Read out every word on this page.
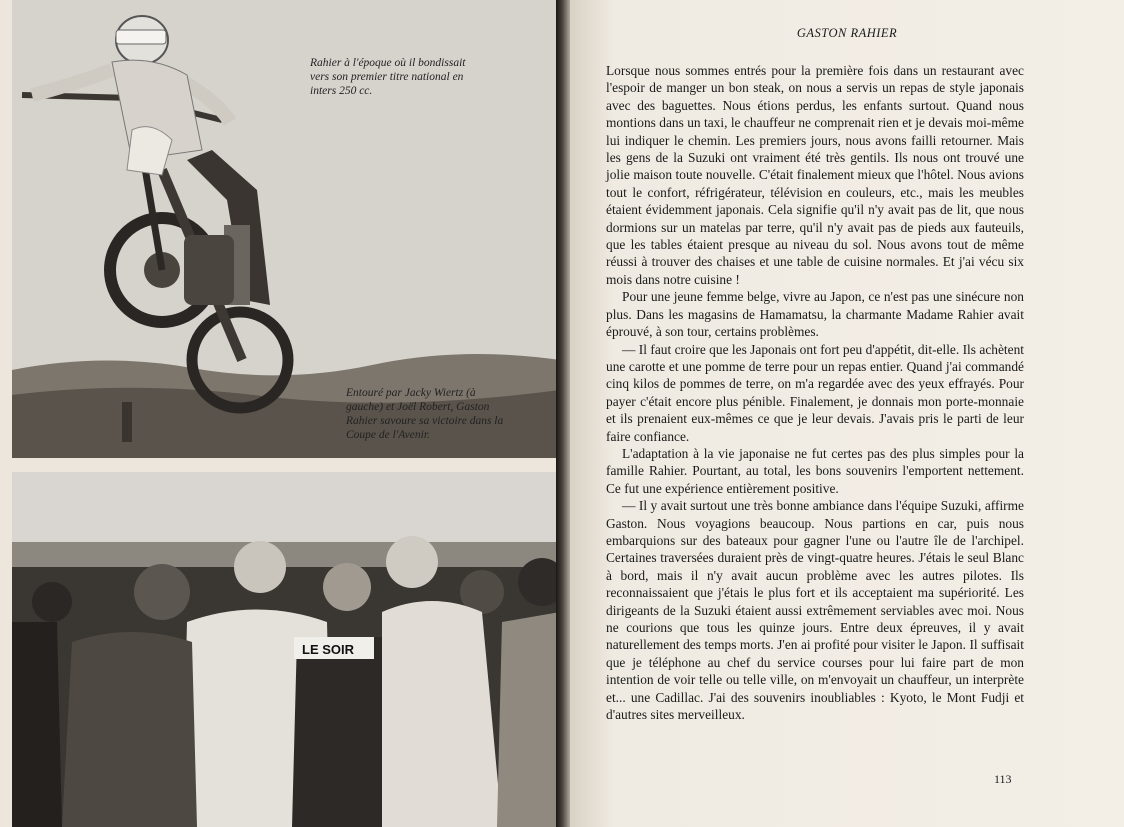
Rahier à l'époque où il bondissait vers son premier titre national en inters 250 cc.
Entouré par Jacky Wiertz (à gauche) et Joël Robert, Gaston Rahier savoure sa victoire dans la Coupe de l'Avenir.
LE SOIR
GASTON RAHIER

Lorsque nous sommes entrés pour la première fois dans un restaurant avec l'espoir de manger un bon steak, on nous a servis un repas de style japonais avec des baguettes. Nous étions perdus, les enfants surtout. Quand nous montions dans un taxi, le chauffeur ne comprenait rien et je devais moi-même lui indiquer le chemin. Les premiers jours, nous avons failli retourner. Mais les gens de la Suzuki ont vraiment été très gentils. Ils nous ont trouvé une jolie maison toute nouvelle. C'était finalement mieux que l'hôtel. Nous avions tout le confort, réfrigérateur, télévision en couleurs, etc., mais les meubles étaient évidemment japonais. Cela signifie qu'il n'y avait pas de lit, que nous dormions sur un matelas par terre, qu'il n'y avait pas de pieds aux fauteuils, que les tables étaient presque au niveau du sol. Nous avons tout de même réussi à trouver des chaises et une table de cuisine normales. Et j'ai vécu six mois dans notre cuisine !

Pour une jeune femme belge, vivre au Japon, ce n'est pas une sinécure non plus. Dans les magasins de Hamamatsu, la charmante Madame Rahier avait éprouvé, à son tour, certains problèmes.

— Il faut croire que les Japonais ont fort peu d'appétit, dit-elle. Ils achètent une carotte et une pomme de terre pour un repas entier. Quand j'ai commandé cinq kilos de pommes de terre, on m'a regardée avec des yeux effrayés. Pour payer c'était encore plus pénible. Finalement, je donnais mon porte-monnaie et ils prenaient eux-mêmes ce que je leur devais. J'avais pris le parti de leur faire confiance.

L'adaptation à la vie japonaise ne fut certes pas des plus simples pour la famille Rahier. Pourtant, au total, les bons souvenirs l'emportent nettement. Ce fut une expérience entièrement positive.

— Il y avait surtout une très bonne ambiance dans l'équipe Suzuki, affirme Gaston. Nous voyagions beaucoup. Nous partions en car, puis nous embarquions sur des bateaux pour gagner l'une ou l'autre île de l'archipel. Certaines traversées duraient près de vingt-quatre heures. J'étais le seul Blanc à bord, mais il n'y avait aucun problème avec les autres pilotes. Ils reconnaissaient que j'étais le plus fort et ils acceptaient ma supériorité. Les dirigeants de la Suzuki étaient aussi extrêmement serviables avec moi. Nous ne courions que tous les quinze jours. Entre deux épreuves, il y avait naturellement des temps morts. J'en ai profité pour visiter le Japon. Il suffisait que je téléphone au chef du service courses pour lui faire part de mon intention de voir telle ou telle ville, on m'envoyait un chauffeur, un interprète et... une Cadillac. J'ai des souvenirs inoubliables : Kyoto, le Mont Fudji et d'autres sites merveilleux.

113
